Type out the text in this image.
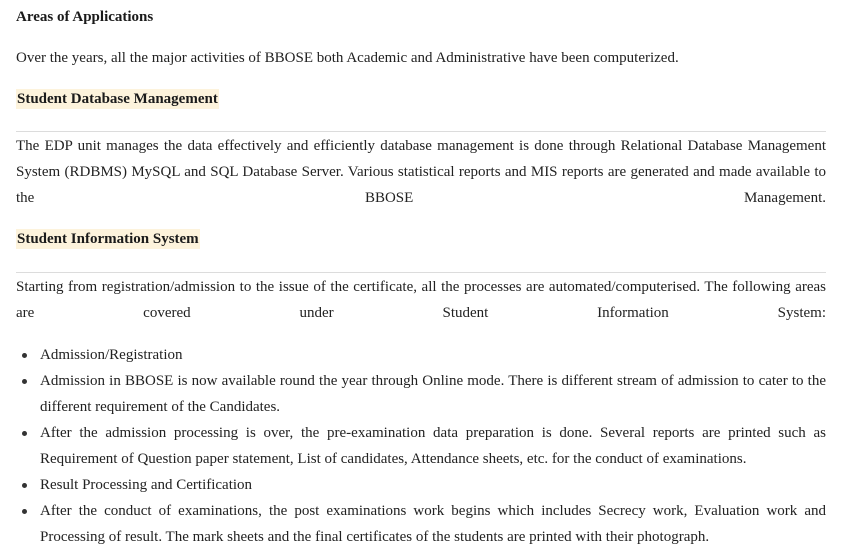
Areas of Applications
Over the years, all the major activities of BBOSE both Academic and Administrative have been computerized.
Student Database Management
The EDP unit manages the data effectively and efficiently database management is done through Relational Database Management System (RDBMS) MySQL and SQL Database Server. Various statistical reports and MIS reports are generated and made available to the BBOSE Management.
Student Information System
Starting from registration/admission to the issue of the certificate, all the processes are automated/computerised. The following areas are covered under Student Information System:
Admission/Registration
Admission in BBOSE is now available round the year through Online mode. There is different stream of admission to cater to the different requirement of the Candidates.
After the admission processing is over, the pre-examination data preparation is done. Several reports are printed such as Requirement of Question paper statement, List of candidates, Attendance sheets, etc. for the conduct of examinations.
Result Processing and Certification
After the conduct of examinations, the post examinations work begins which includes Secrecy work, Evaluation work and Processing of result. The mark sheets and the final certificates of the students are printed with their photograph.
